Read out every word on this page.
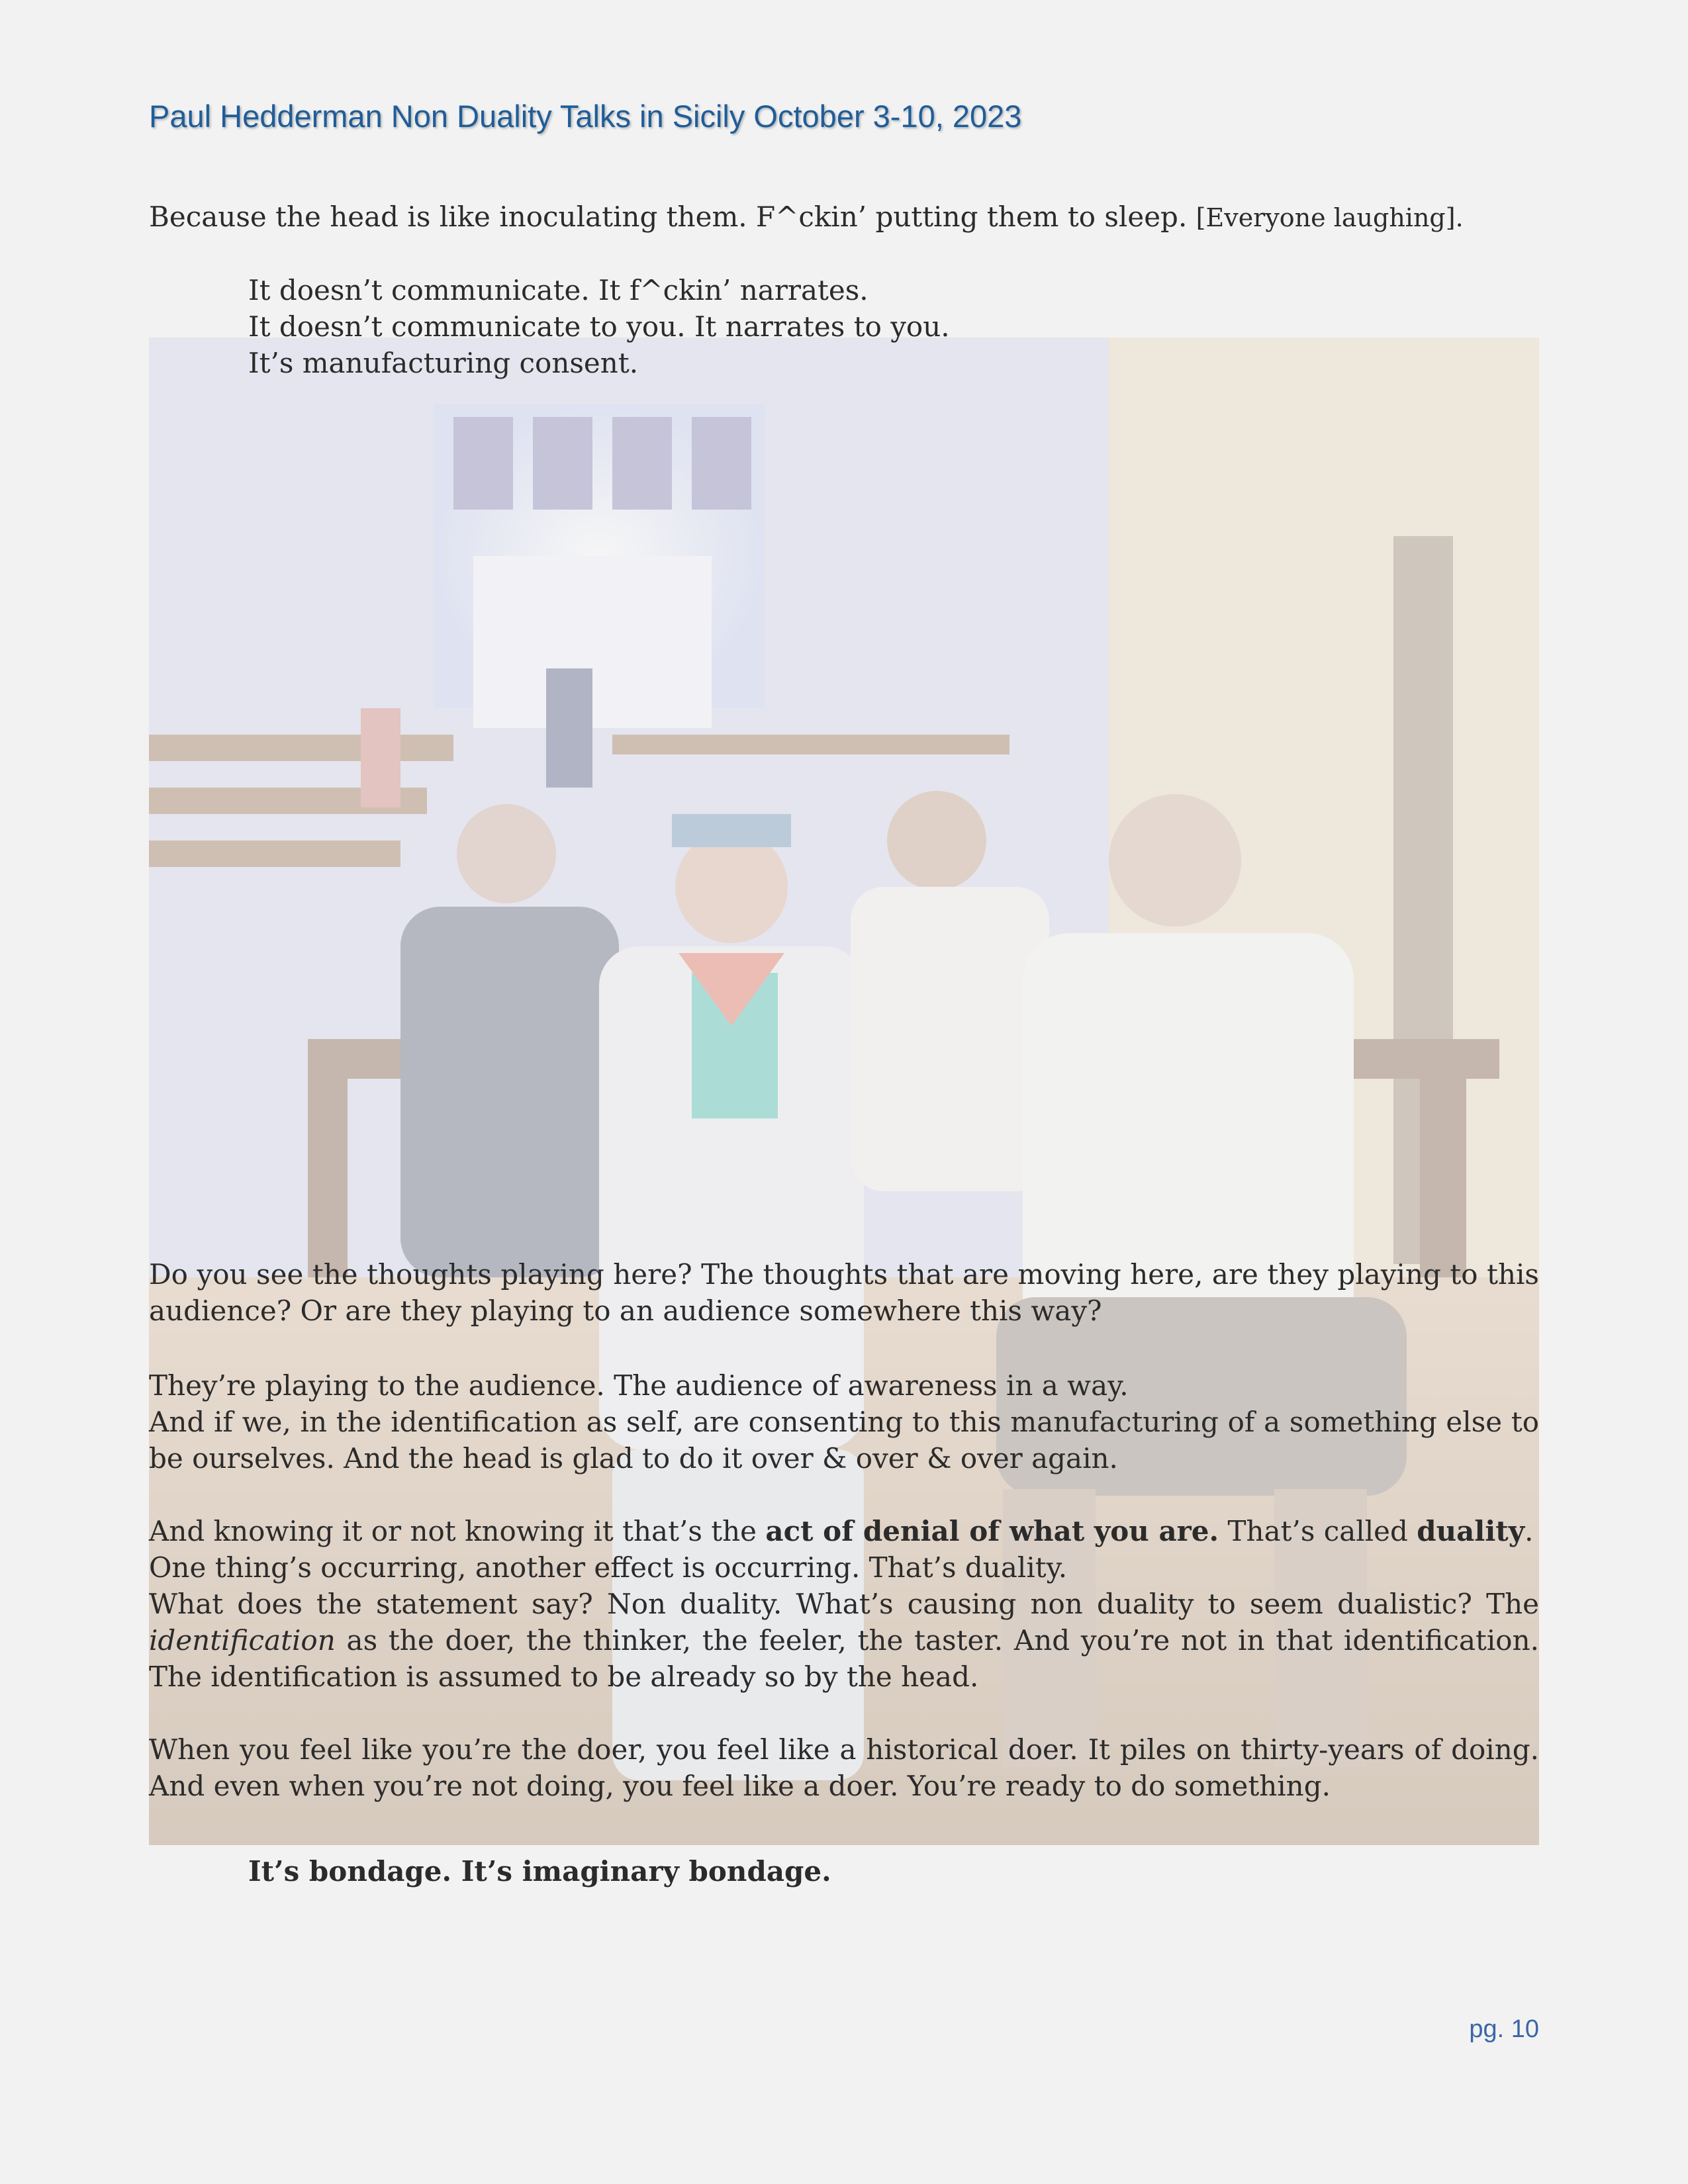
Paul Hedderman Non Duality Talks in Sicily October 3-10, 2023

Because the head is like inoculating them. F^ckin’ putting them to sleep. [Everyone laughing].

It doesn’t communicate. It f^ckin’ narrates.

It doesn’t communicate to you. It narrates to you.

It’s manufacturing consent.

Do you see the thoughts playing here? The thoughts that are moving here, are they playing to this audience? Or are they playing to an audience somewhere this way?

They’re playing to the audience. The audience of awareness in a way.
And if we, in the identification as self, are consenting to this manufacturing of a something else to be ourselves. And the head is glad to do it over & over & over again.
And knowing it or not knowing it that’s the act of denial of what you are. That’s called duality.
One thing’s occurring, another effect is occurring. That’s duality.
What does the statement say? Non duality. What’s causing non duality to seem dualistic? The identification as the doer, the thinker, the feeler, the taster. And you’re not in that identification. The identification is assumed to be already so by the head.

When you feel like you’re the doer, you feel like a historical doer. It piles on thirty-years of doing. And even when you’re not doing, you feel like a doer. You’re ready to do something.

It’s bondage. It’s imaginary bondage.

pg. 10
